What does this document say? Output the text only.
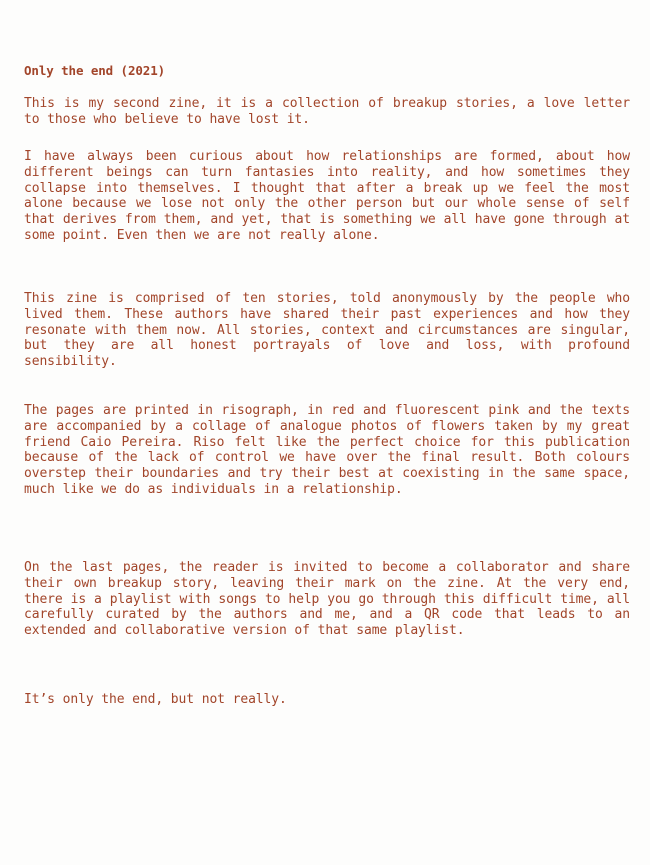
Only the end (2021)

This is my second zine, it is a collection of breakup stories, a love letter to those who believe to have lost it.

I have always been curious about how relationships are formed, about how different beings can turn fantasies into reality, and how sometimes they collapse into themselves. I thought that after a break up we feel the most alone because we lose not only the other person but our whole sense of self that derives from them, and yet, that is something we all have gone through at some point. Even then we are not really alone.

This zine is comprised of ten stories, told anonymously by the people who lived them. These authors have shared their past experiences and how they resonate with them now. All stories, context and circumstances are singular, but they are all honest portrayals of love and loss, with profound sensibility.

The pages are printed in risograph, in red and fluorescent pink and the texts are accompanied by a collage of analogue photos of flowers taken by my great friend Caio Pereira. Riso felt like the perfect choice for this publication because of the lack of control we have over the final result. Both colours overstep their boundaries and try their best at coexisting in the same space, much like we do as individuals in a relationship.

On the last pages, the reader is invited to become a collaborator and share their own breakup story, leaving their mark on the zine. At the very end, there is a playlist with songs to help you go through this difficult time, all carefully curated by the authors and me, and a QR code that leads to an extended and collaborative version of that same playlist.

It’s only the end, but not really.
